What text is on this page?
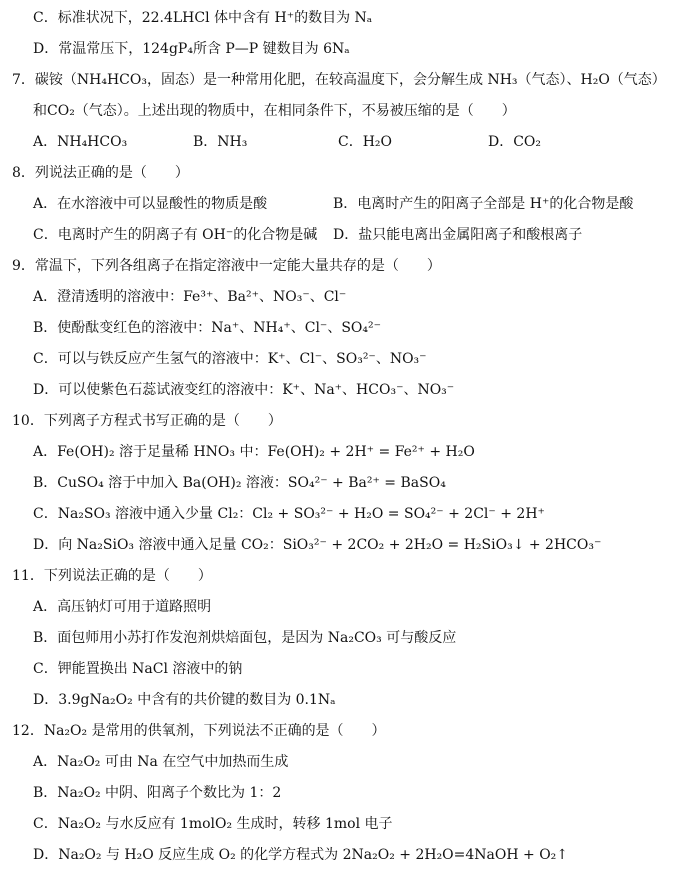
C．标准状况下，22.4LHCl 体中含有 H⁺的数目为 Nₐ
D．常温常压下，124gP₄所含 P—P 键数目为 6Nₐ
7．碳铵（NH₄HCO₃，固态）是一种常用化肥，在较高温度下，会分解生成 NH₃（气态）、H₂O（气态）
和CO₂（气态）。上述出现的物质中，在相同条件下，不易被压缩的是（　　）
A．NH₄HCO₃	B．NH₃	C．H₂O	D．CO₂
8．列说法正确的是（　　）
A．在水溶液中可以显酸性的物质是酸	B．电离时产生的阳离子全部是 H⁺的化合物是酸
C．电离时产生的阴离子有 OH⁻的化合物是碱 D．盐只能电离出金属阳离子和酸根离子
9．常温下，下列各组离子在指定溶液中一定能大量共存的是（　　）
A．澄清透明的溶液中：Fe³⁺、Ba²⁺、NO₃⁻、Cl⁻
B．使酚酞变红色的溶液中：Na⁺、NH₄⁺、Cl⁻、SO₄²⁻
C．可以与铁反应产生氢气的溶液中：K⁺、Cl⁻、SO₃²⁻、NO₃⁻
D．可以使紫色石蕊试液变红的溶液中：K⁺、Na⁺、HCO₃⁻、NO₃⁻
10．下列离子方程式书写正确的是（　　）
A．Fe(OH)₂ 溶于足量稀 HNO₃ 中：Fe(OH)₂ + 2H⁺ = Fe²⁺ + H₂O
B．CuSO₄ 溶于中加入 Ba(OH)₂ 溶液：SO₄²⁻ + Ba²⁺ = BaSO₄
C．Na₂SO₃ 溶液中通入少量 Cl₂：Cl₂ + SO₃²⁻ + H₂O = SO₄²⁻ + 2Cl⁻ + 2H⁺
D．向 Na₂SiO₃ 溶液中通入足量 CO₂：SiO₃²⁻ + 2CO₂ + 2H₂O = H₂SiO₃↓ + 2HCO₃⁻
11．下列说法正确的是（　　）
A．高压钠灯可用于道路照明
B．面包师用小苏打作发泡剂烘焙面包，是因为 Na₂CO₃ 可与酸反应
C．钾能置换出 NaCl 溶液中的钠
D．3.9gNa₂O₂ 中含有的共价键的数目为 0.1Nₐ
12．Na₂O₂ 是常用的供氧剂，下列说法不正确的是（　　）
A．Na₂O₂ 可由 Na 在空气中加热而生成
B．Na₂O₂ 中阴、阳离子个数比为 1：2
C．Na₂O₂ 与水反应有 1molO₂ 生成时，转移 1mol 电子
D．Na₂O₂ 与 H₂O 反应生成 O₂ 的化学方程式为 2Na₂O₂ + 2H₂O=4NaOH + O₂↑
